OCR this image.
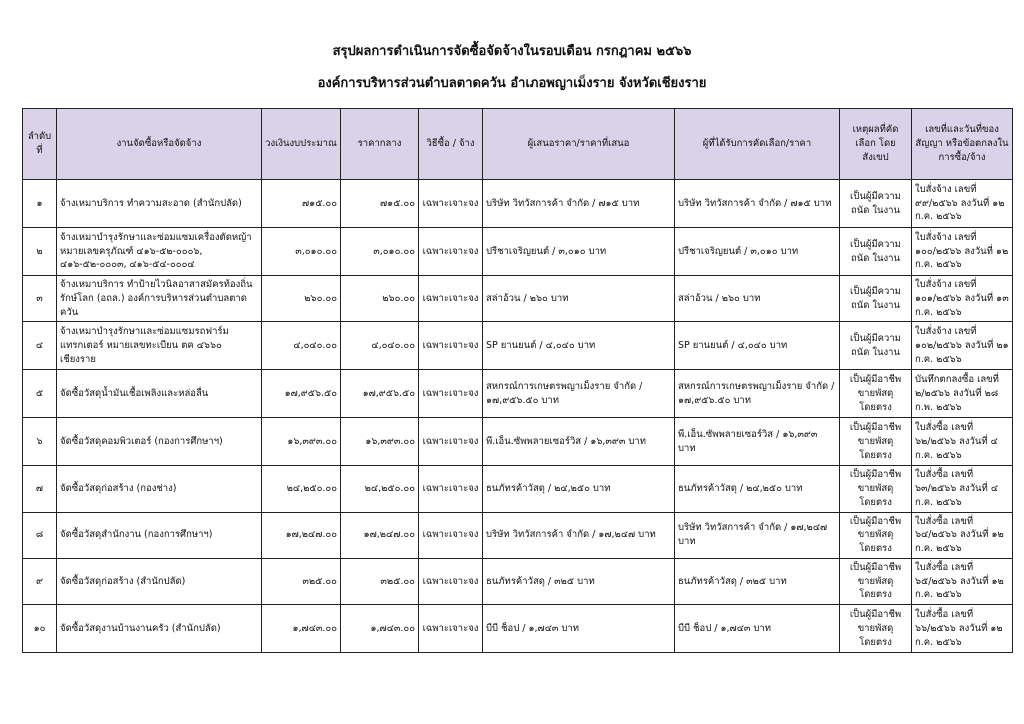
สรุปผลการดำเนินการจัดซื้อจัดจ้างในรอบเดือน กรกฎาคม ๒๕๖๖
องค์การบริหารส่วนตำบลตาดควัน อำเภอพญาเม็งราย จังหวัดเชียงราย
ลำดับที่	งานจัดซื้อหรือจัดจ้าง	วงเงินงบประมาณ	ราคากลาง	วิธีซื้อ / จ้าง	ผู้เสนอราคา/ราคาที่เสนอ	ผู้ที่ได้รับการคัดเลือก/ราคา	เหตุผลที่คัดเลือก โดยสังเขป	เลขที่และวันที่ของสัญญา หรือข้อตกลงในการซื้อ/จ้าง
๑	จ้างเหมาบริการ ทำความสะอาด (สำนักปลัด)	๗๑๕.๐๐	๗๑๕.๐๐	เฉพาะเจาะจง	บริษัท วิทวัสการค้า จำกัด / ๗๑๕ บาท	บริษัท วิทวัสการค้า จำกัด / ๗๑๕ บาท	เป็นผู้มีความถนัด ในงาน	ใบสั่งจ้าง เลขที่ ๙๙/๒๕๖๖ ลงวันที่ ๑๒ ก.ค. ๒๕๖๖
๒	จ้างเหมาบำรุงรักษาและซ่อมแซมเครื่องตัดหญ้า หมายเลขครุภัณฑ์ ๔๑๖-๕๒-๐๐๐๖, ๔๑๖-๕๒-๐๐๐๓, ๔๑๖-๕๔-๐๐๐๔	๓,๐๑๐.๐๐	๓,๐๑๐.๐๐	เฉพาะเจาะจง	ปรีชาเจริญยนต์ / ๓,๐๑๐ บาท	ปรีชาเจริญยนต์ / ๓,๐๑๐ บาท	เป็นผู้มีความถนัด ในงาน	ใบสั่งจ้าง เลขที่ ๑๐๐/๒๕๖๖ ลงวันที่ ๑๒ ก.ค. ๒๕๖๖
๓	จ้างเหมาบริการ ทำป้ายไวนิลอาสาสมัครท้องถิ่น รักษ์โลก (อถล.) องค์การบริหารส่วนตำบลตาดควัน	๒๖๐.๐๐	๒๖๐.๐๐	เฉพาะเจาะจง	สล่าอ้วน / ๒๖๐ บาท	สล่าอ้วน / ๒๖๐ บาท	เป็นผู้มีความถนัด ในงาน	ใบสั่งจ้าง เลขที่ ๑๐๑/๒๕๖๖ ลงวันที่ ๑๓ ก.ค. ๒๕๖๖
๔	จ้างเหมาบำรุงรักษาและซ่อมแซมรถฟาร์ม แทรกเตอร์ หมายเลขทะเบียน ตค ๔๖๖๐ เชียงราย	๔,๐๔๐.๐๐	๔,๐๔๐.๐๐	เฉพาะเจาะจง	SP ยานยนต์ / ๔,๐๔๐ บาท	SP ยานยนต์ / ๔,๐๔๐ บาท	เป็นผู้มีความถนัด ในงาน	ใบสั่งจ้าง เลขที่ ๑๐๒/๒๕๖๖ ลงวันที่ ๒๑ ก.ค. ๒๕๖๖
๕	จัดซื้อวัสดุน้ำมันเชื้อเพลิงและหล่อลื่น	๑๗,๙๕๖.๕๐	๑๗,๙๕๖.๕๐	เฉพาะเจาะจง	สหกรณ์การเกษตรพญาเม็งราย จำกัด / ๑๗,๙๕๖.๕๐ บาท	สหกรณ์การเกษตรพญาเม็งราย จำกัด / ๑๗,๙๕๖.๕๐ บาท	เป็นผู้มีอาชีพ ขายพัสดุโดยตรง	บันทึกตกลงซื้อ เลขที่ ๒/๒๕๖๖ ลงวันที่ ๒๘ ก.พ. ๒๕๖๖
๖	จัดซื้อวัสดุคอมพิวเตอร์ (กองการศึกษาฯ)	๑๖,๓๙๓.๐๐	๑๖,๓๙๓.๐๐	เฉพาะเจาะจง	พี.เอ็น.ซัพพลายเซอร์วิส / ๑๖,๓๙๓ บาท	พี.เอ็น.ซัพพลายเซอร์วิส / ๑๖,๓๙๓ บาท	เป็นผู้มีอาชีพ ขายพัสดุโดยตรง	ใบสั่งซื้อ เลขที่ ๖๒/๒๕๖๖ ลงวันที่ ๔ ก.ค. ๒๕๖๖
๗	จัดซื้อวัสดุก่อสร้าง (กองช่าง)	๒๔,๒๕๐.๐๐	๒๔,๒๕๐.๐๐	เฉพาะเจาะจง	ธนภัทรค้าวัสดุ / ๒๔,๒๕๐ บาท	ธนภัทรค้าวัสดุ / ๒๔,๒๕๐ บาท	เป็นผู้มีอาชีพ ขายพัสดุโดยตรง	ใบสั่งซื้อ เลขที่ ๖๓/๒๕๖๖ ลงวันที่ ๔ ก.ค. ๒๕๖๖
๘	จัดซื้อวัสดุสำนักงาน (กองการศึกษาฯ)	๑๗,๒๔๗.๐๐	๑๗,๒๔๗.๐๐	เฉพาะเจาะจง	บริษัท วิทวัสการค้า จำกัด / ๑๗,๒๔๗ บาท	บริษัท วิทวัสการค้า จำกัด / ๑๗,๒๔๗ บาท	เป็นผู้มีอาชีพ ขายพัสดุโดยตรง	ใบสั่งซื้อ เลขที่ ๖๔/๒๕๖๖ ลงวันที่ ๑๒ ก.ค. ๒๕๖๖
๙	จัดซื้อวัสดุก่อสร้าง (สำนักปลัด)	๓๒๕.๐๐	๓๒๕.๐๐	เฉพาะเจาะจง	ธนภัทรค้าวัสดุ / ๓๒๕ บาท	ธนภัทรค้าวัสดุ / ๓๒๕ บาท	เป็นผู้มีอาชีพ ขายพัสดุโดยตรง	ใบสั่งซื้อ เลขที่ ๖๕/๒๕๖๖ ลงวันที่ ๑๒ ก.ค. ๒๕๖๖
๑๐	จัดซื้อวัสดุงานบ้านงานครัว (สำนักปลัด)	๑,๗๔๓.๐๐	๑,๗๔๓.๐๐	เฉพาะเจาะจง	บีบี ช็อป / ๑,๗๔๓ บาท	บีบี ช็อป / ๑,๗๔๓ บาท	เป็นผู้มีอาชีพ ขายพัสดุโดยตรง	ใบสั่งซื้อ เลขที่ ๖๖/๒๕๖๖ ลงวันที่ ๑๒ ก.ค. ๒๕๖๖
